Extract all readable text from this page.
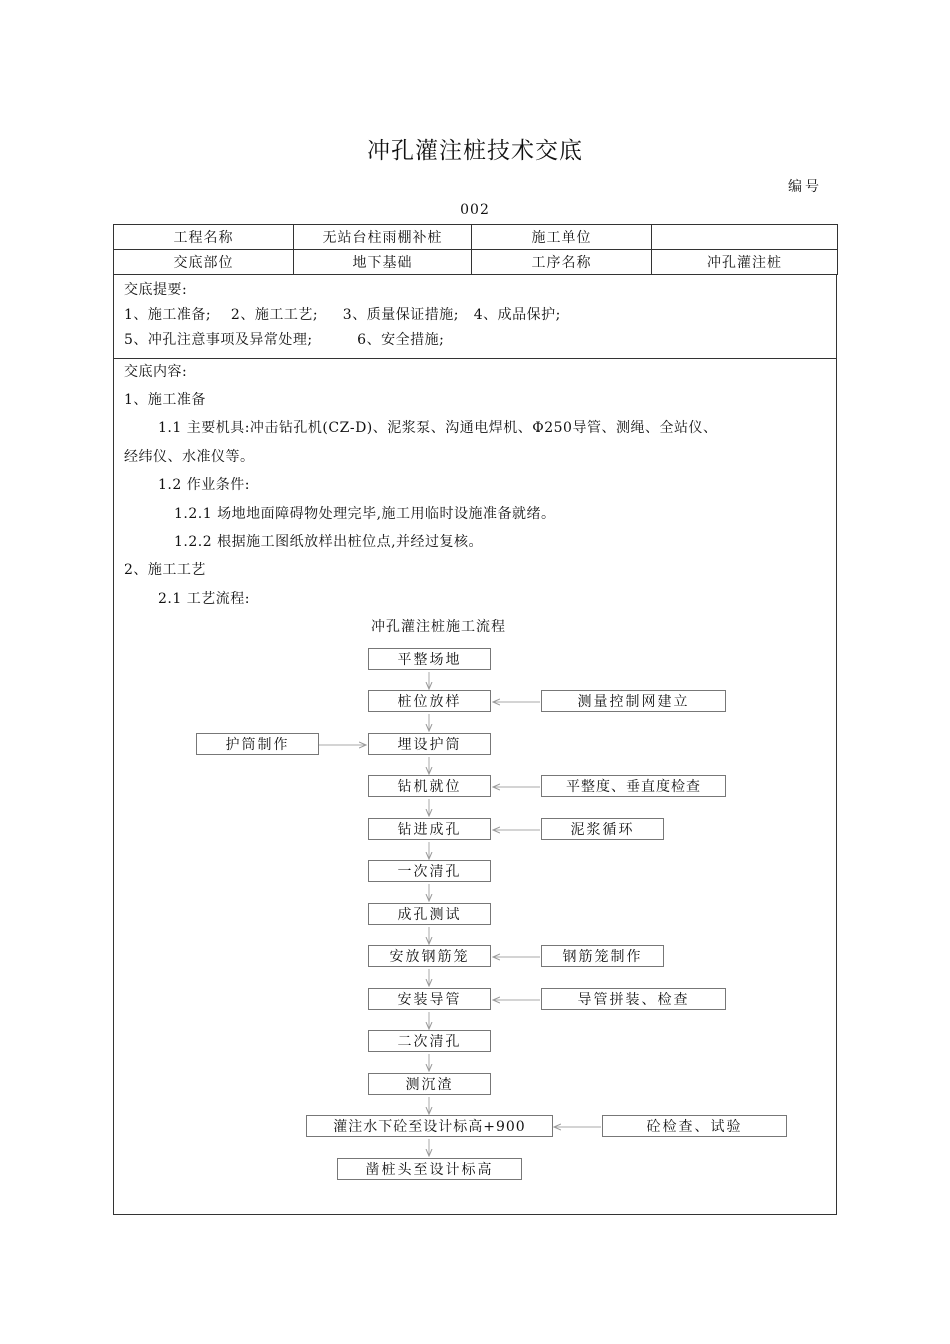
冲孔灌注桩技术交底
编号
002
工程名称	无站台柱雨棚补桩	施工单位	
交底部位	地下基础	工序名称	冲孔灌注桩
交底提要:
1、施工准备;    2、施工工艺;     3、质量保证措施;   4、成品保护;
5、冲孔注意事项及异常处理;         6、安全措施;
交底内容:
1、施工准备
1.1 主要机具:冲击钻孔机(CZ-D)、泥浆泵、沟通电焊机、Φ250导管、测绳、全站仪、
经纬仪、水准仪等。
1.2 作业条件:
1.2.1 场地地面障碍物处理完毕,施工用临时设施准备就绪。
1.2.2 根据施工图纸放样出桩位点,并经过复核。
2、施工工艺
2.1 工艺流程:
冲孔灌注桩施工流程
平整场地
桩位放样
埋设护筒
钻机就位
钻进成孔
一次清孔
成孔测试
安放钢筋笼
安装导管
二次清孔
测沉渣
灌注水下砼至设计标高+900
凿桩头至设计标高
测量控制网建立
护筒制作
平整度、垂直度检查
泥浆循环
钢筋笼制作
导管拼装、检查
砼检查、试验
